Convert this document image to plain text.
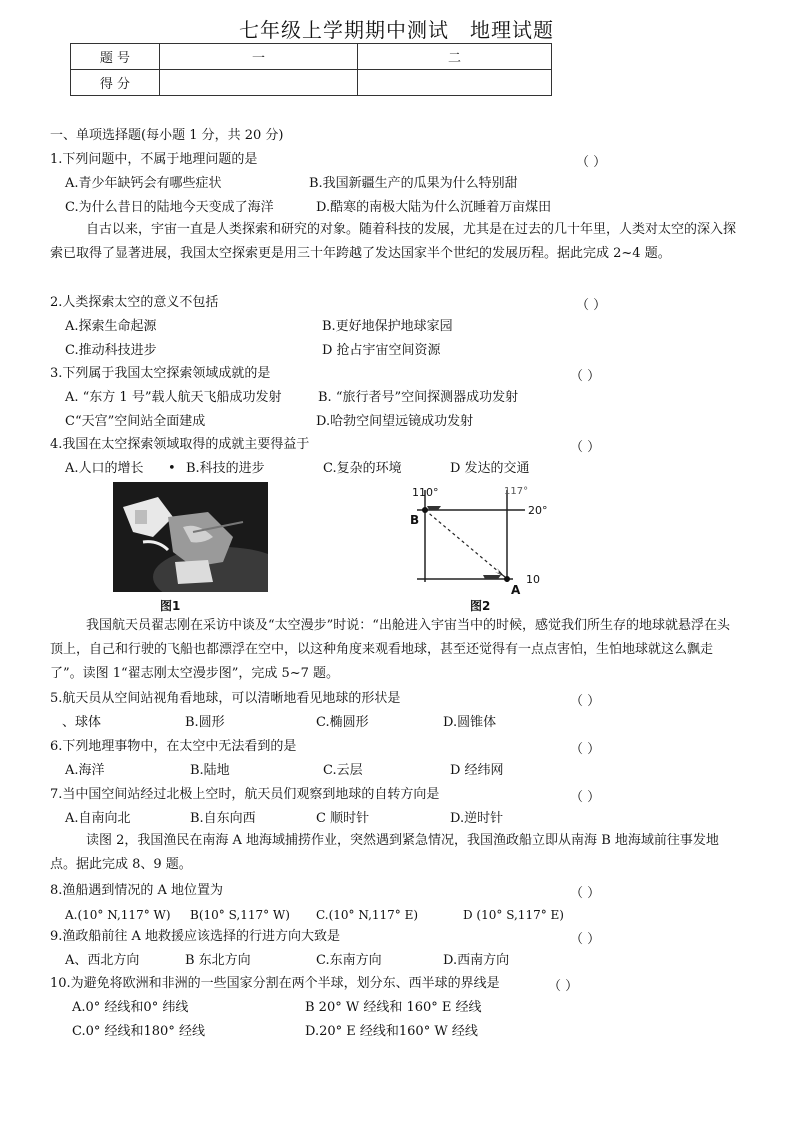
七年级上学期期中测试　地理试题
题 号	一	二
得 分		
一、单项选择题(每小题 1 分，共 20 分)
1.下列问题中，不属于地理问题的是	（ ）
A.青少年缺钙会有哪些症状	B.我国新疆生产的瓜果为什么特别甜
C.为什么昔日的陆地今天变成了海洋	D.酷寒的南极大陆为什么沉睡着万亩煤田
自古以来，宇宙一直是人类探索和研究的对象。随着科技的发展，尤其是在过去的几十年里，人类对太空的深入探索已取得了显著进展，我国太空探索更是用三十年跨越了发达国家半个世纪的发展历程。据此完成 2~4 题。
2.人类探索太空的意义不包括	（ ）
A.探索生命起源	B.更好地保护地球家园
C.推动科技进步	D 抢占宇宙空间资源
3.下列属于我国太空探索领域成就的是	（ ）
A. “东方 1 号”载人航天飞船成功发射	B. “旅行者号”空间探测器成功发射
C“天宫”空间站全面建成	D.哈勃空间望远镜成功发射
4.我国在太空探索领域取得的成就主要得益于	（ ）
A.人口的增长 • B.科技的进步	C.复杂的环境	D 发达的交通
图1
110°	117°
20°
10
B
A
图2
我国航天员翟志刚在采访中谈及“太空漫步”时说：“出舱进入宇宙当中的时候，感觉我们所生存的地球就悬浮在头顶上，自己和行驶的飞船也都漂浮在空中，以这种角度来观看地球，甚至还觉得有一点点害怕，生怕地球就这么飘走了”。读图 1“翟志刚太空漫步图”，完成 5~7 题。
5.航天员从空间站视角看地球，可以清晰地看见地球的形状是	（ ）
、球体	B.圆形	C.椭圆形	D.圆锥体
6.下列地理事物中，在太空中无法看到的是	（ ）
A.海洋	B.陆地	C.云层	D 经纬网
7.当中国空间站经过北极上空时，航天员们观察到地球的自转方向是	（ ）
A.自南向北	B.自东向西	C 顺时针	D.逆时针
读图 2，我国渔民在南海 A 地海域捕捞作业，突然遇到紧急情况，我国渔政船立即从南海 B 地海域前往事发地点。据此完成 8、9 题。
8.渔船遇到情况的 A 地位置为	（ ）
A.(10° N,117° W) B(10° S,117° W) C.(10° N,117° E)	D (10° S,117° E)
9.渔政船前往 A 地救援应该选择的行进方向大致是	（ ）
A、西北方向	B 东北方向	C.东南方向	D.西南方向
10.为避免将欧洲和非洲的一些国家分割在两个半球，划分东、西半球的界线是	（ ）
A.0° 经线和0° 纬线	B 20° W 经线和 160° E 经线
C.0° 经线和180° 经线	D.20° E 经线和160° W 经线
